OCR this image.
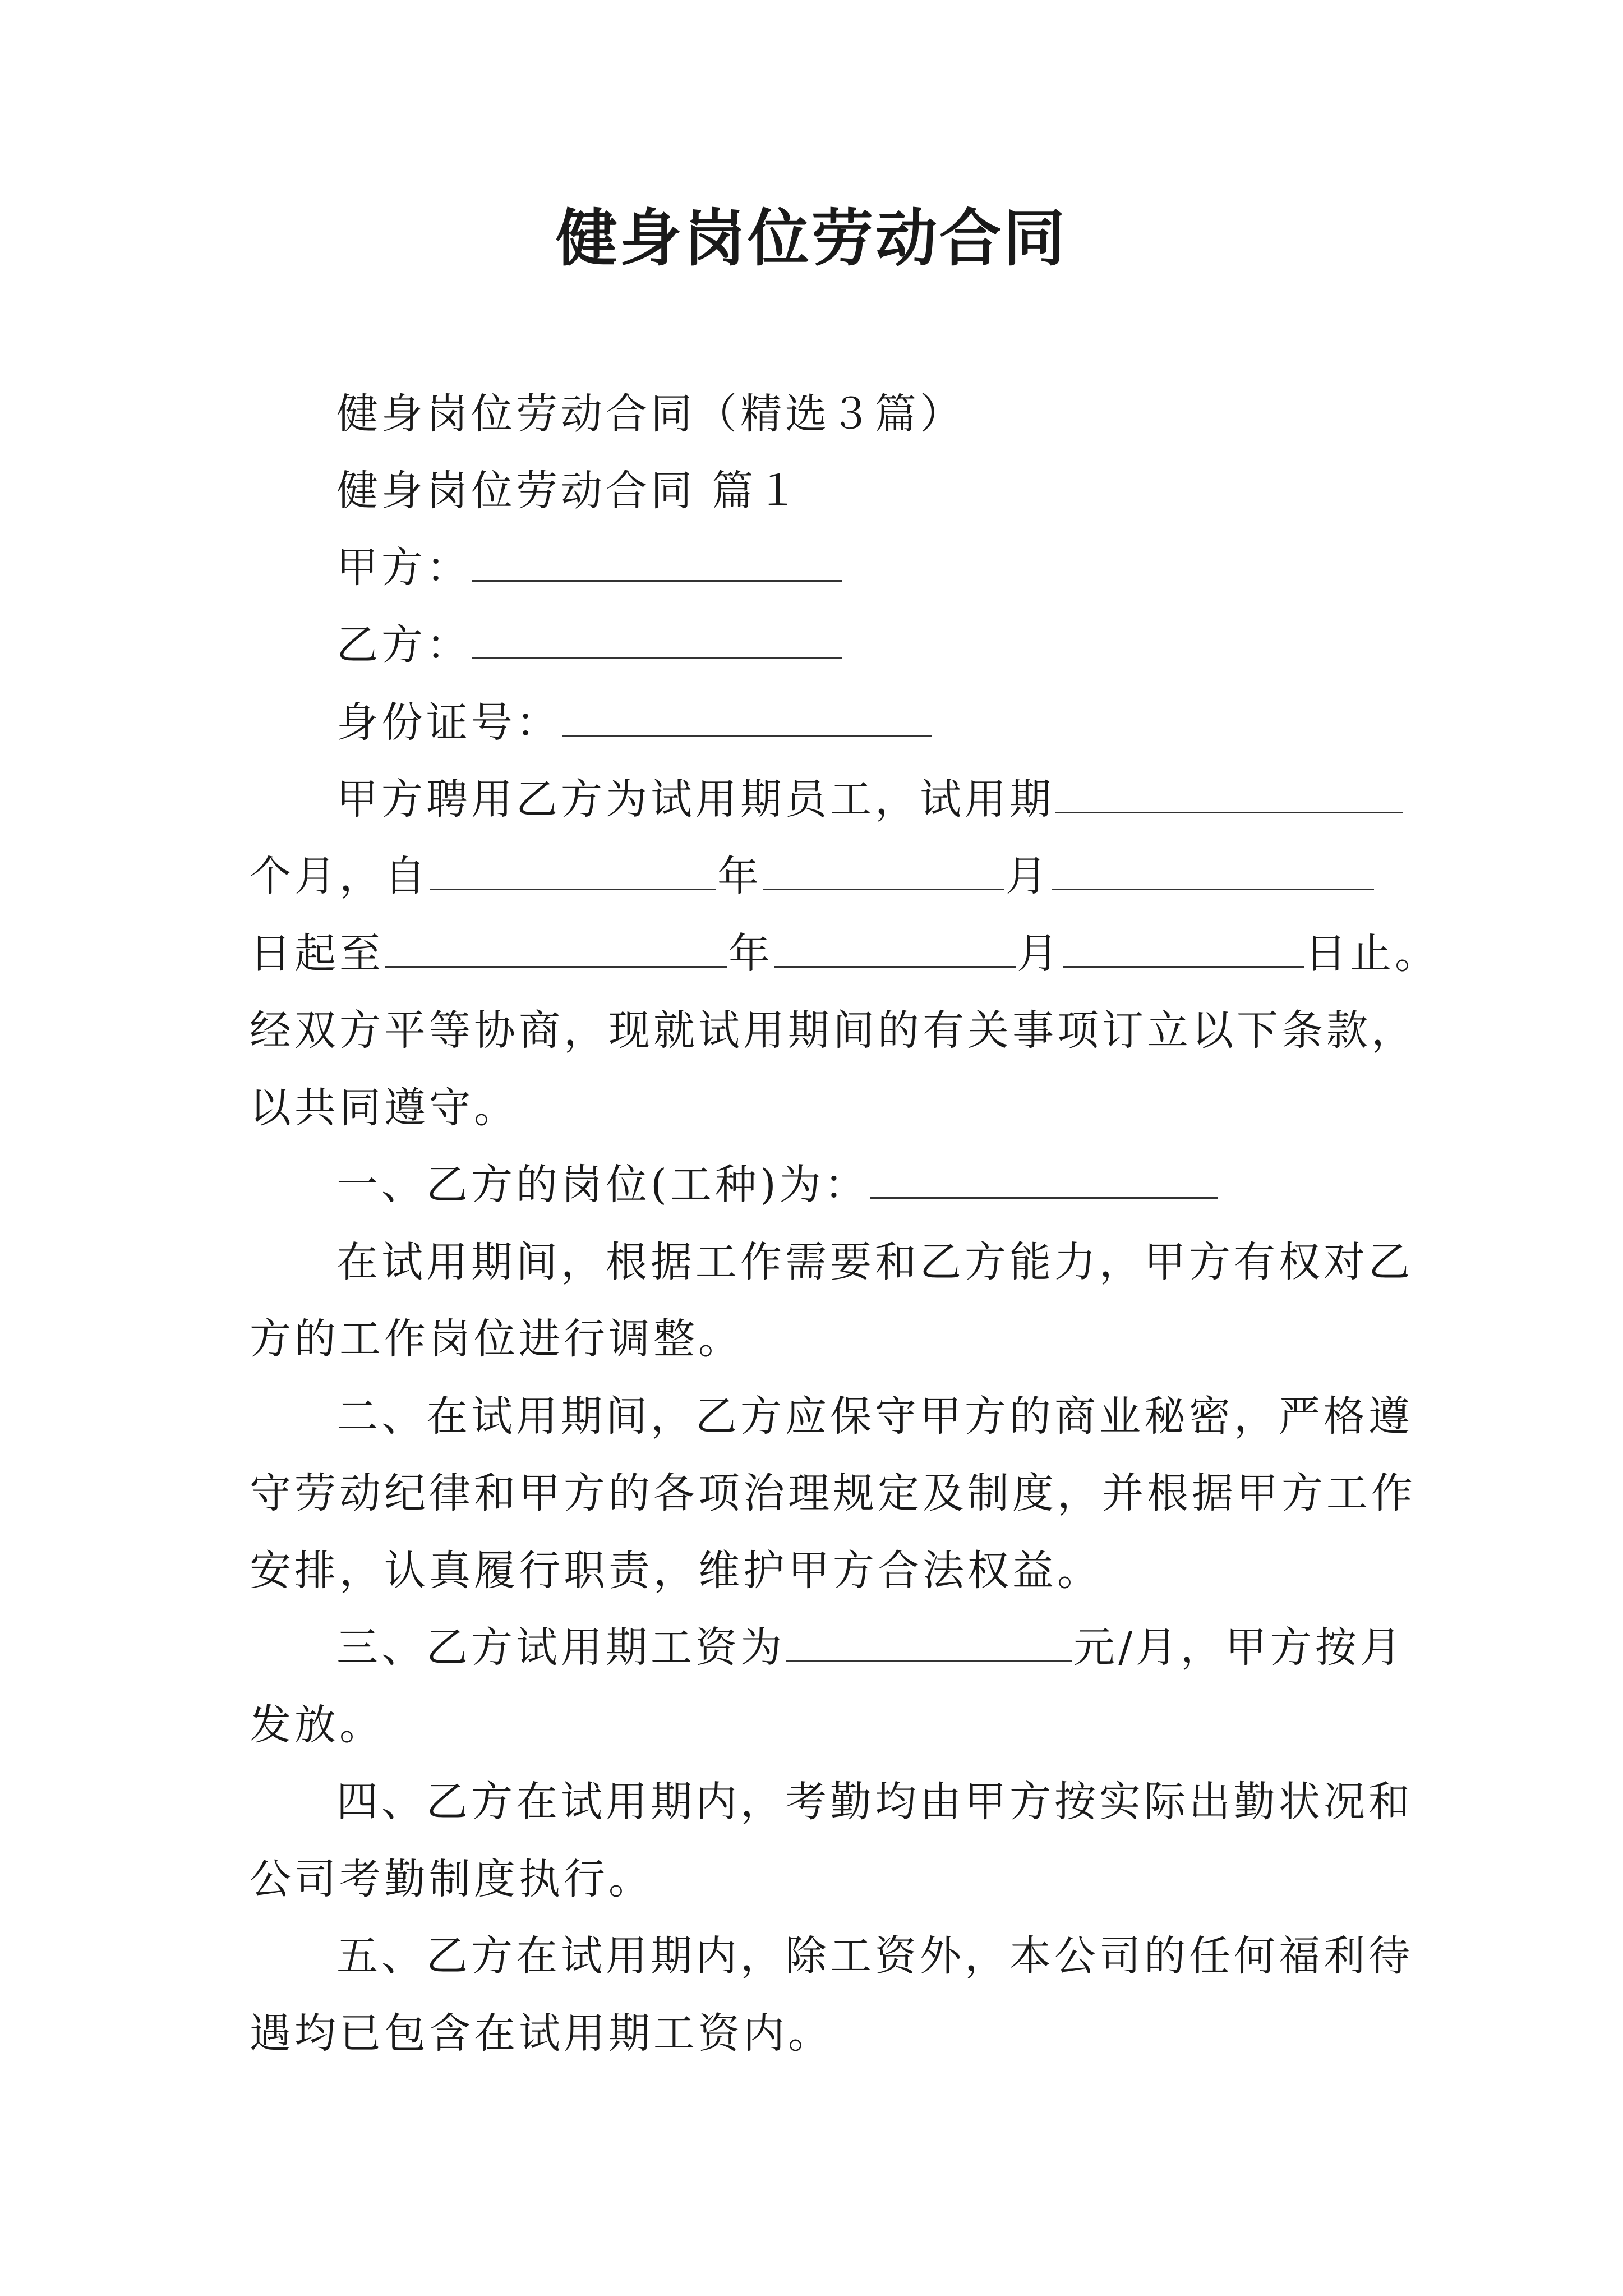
健身岗位劳动合同
健身岗位劳动合同（精选３篇）
健身岗位劳动合同 篇１
甲方：
乙方：
身份证号：
甲方聘用乙方为试用期员工，试用期
个月，自	年	月
日起至	年	月	日止。
经双方平等协商，现就试用期间的有关事项订立以下条款，
以共同遵守。
一、乙方的岗位(工种)为：
在试用期间，根据工作需要和乙方能力，甲方有权对乙
方的工作岗位进行调整。
二、在试用期间，乙方应保守甲方的商业秘密，严格遵
守劳动纪律和甲方的各项治理规定及制度，并根据甲方工作
安排，认真履行职责，维护甲方合法权益。
三、乙方试用期工资为	元/月，甲方按月
发放。
四、乙方在试用期内，考勤均由甲方按实际出勤状况和
公司考勤制度执行。
五、乙方在试用期内，除工资外，本公司的任何福利待
遇均已包含在试用期工资内。
